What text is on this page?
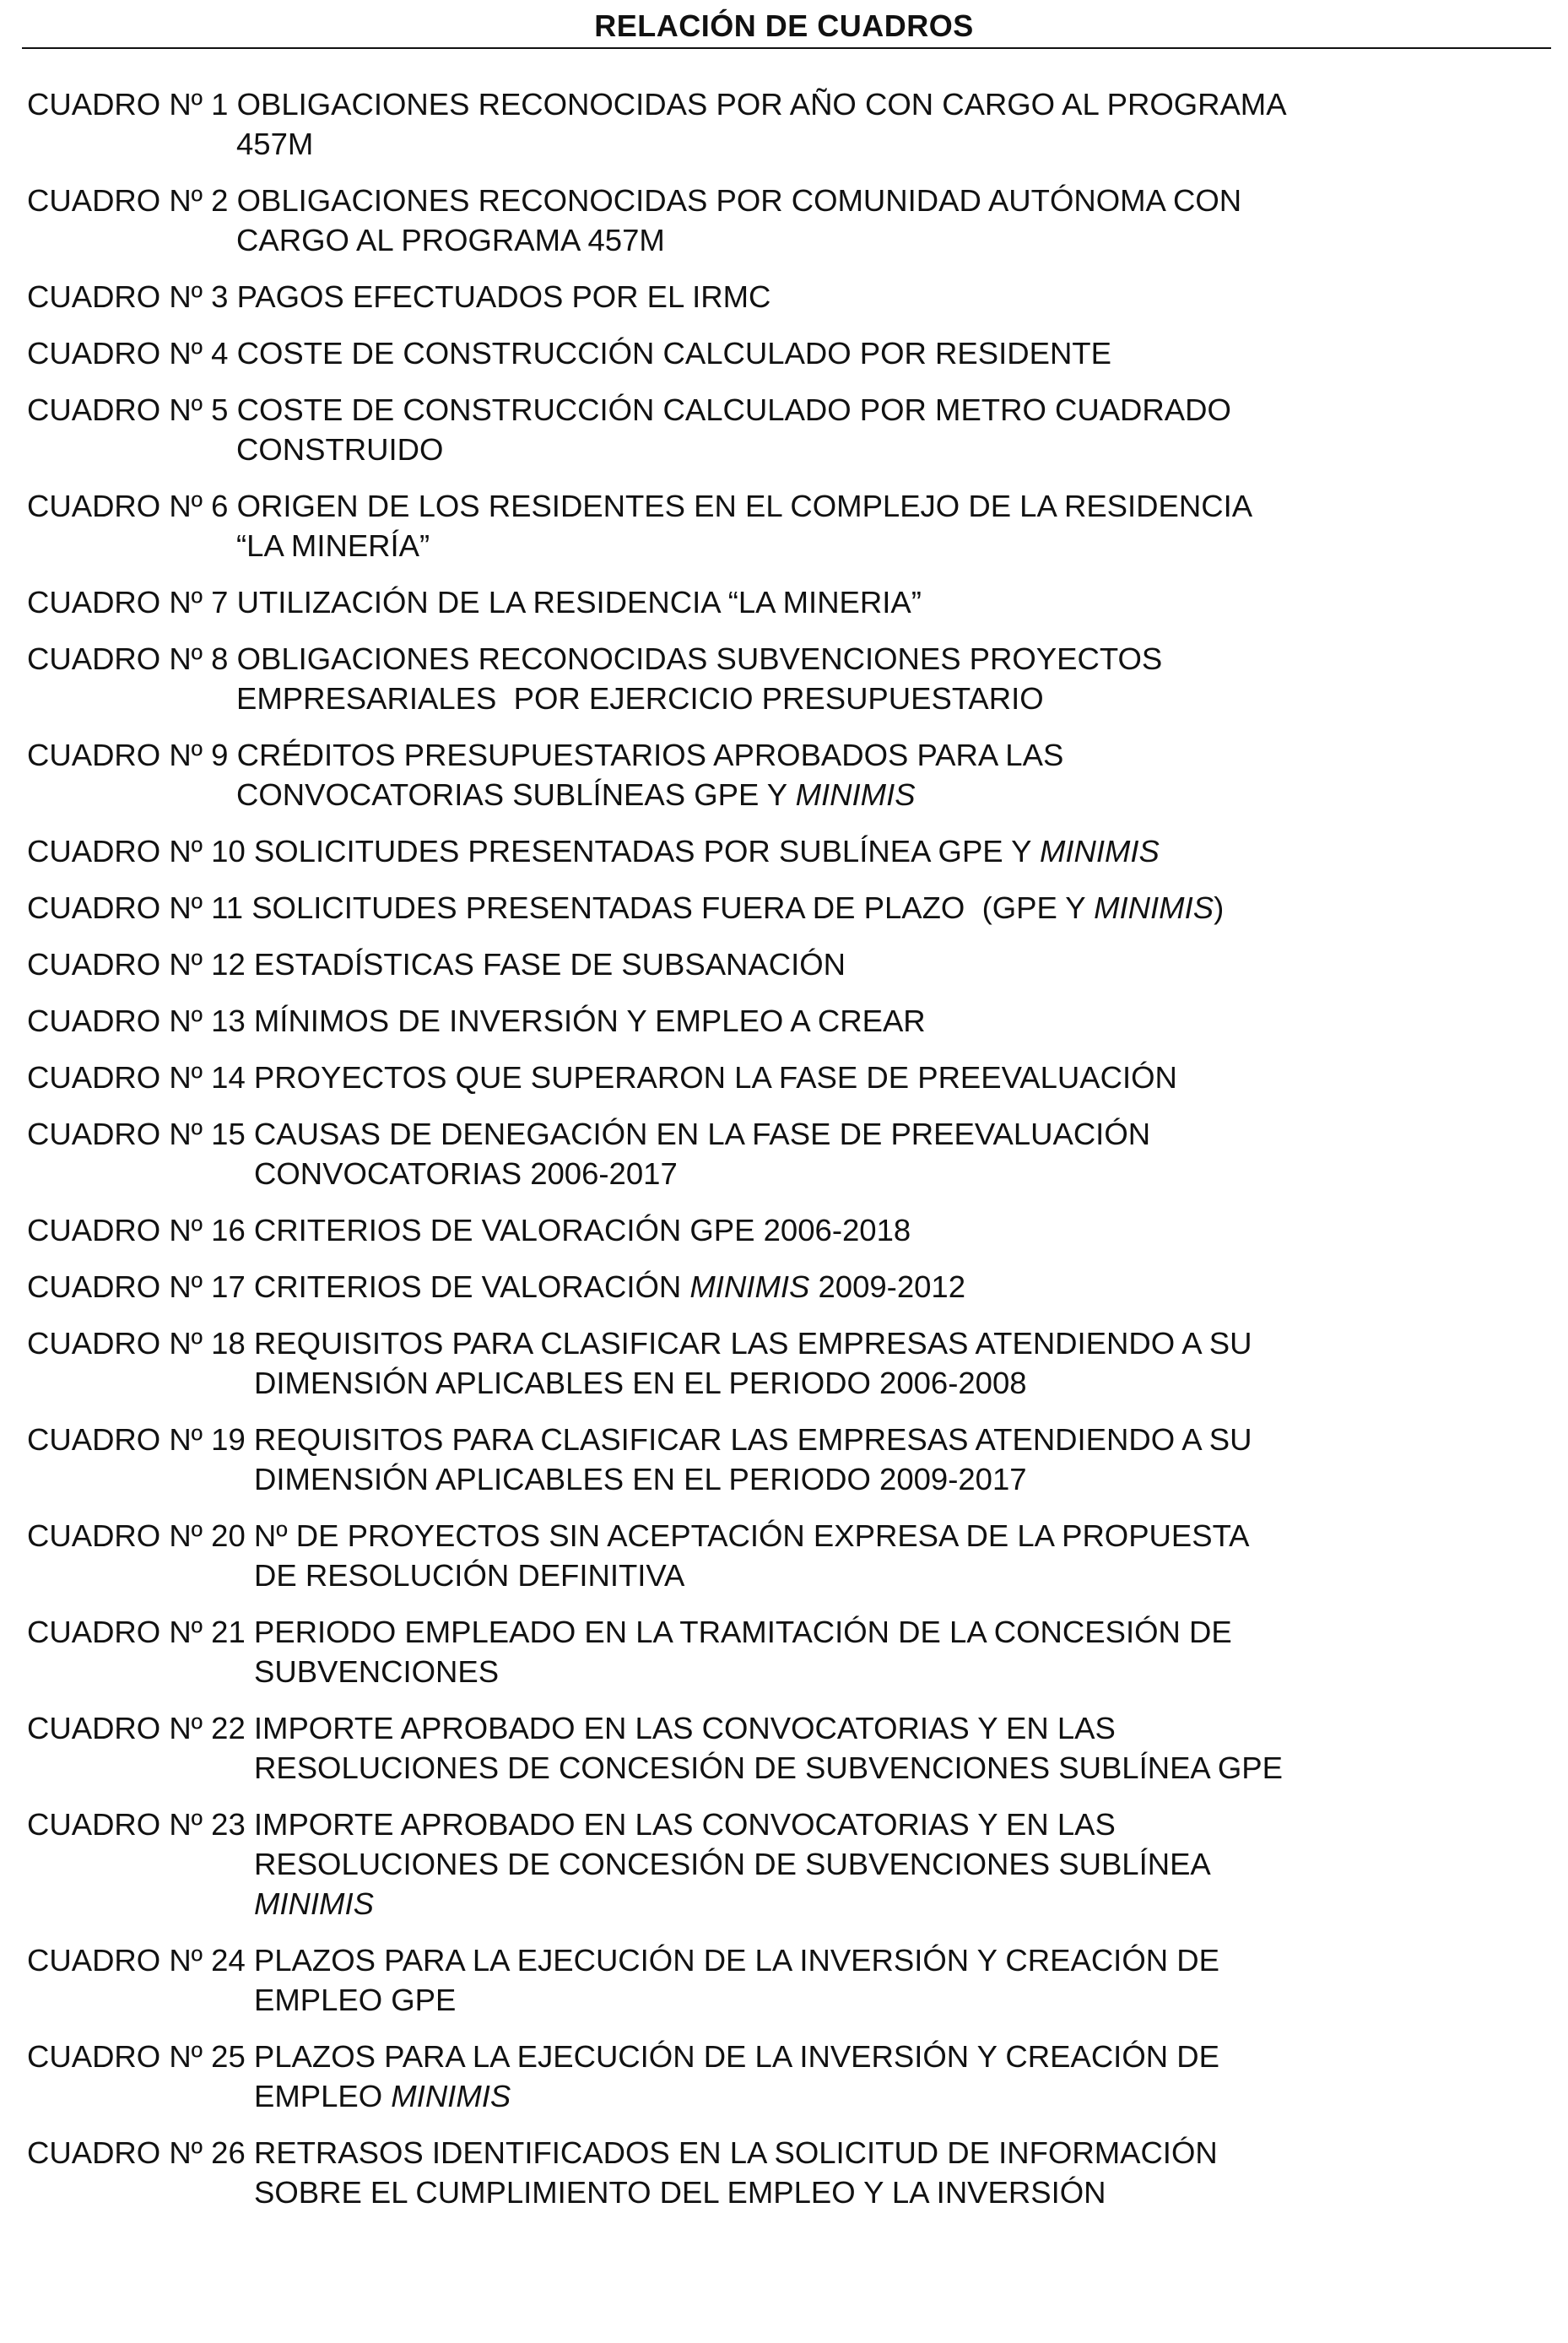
RELACIÓN DE CUADROS
CUADRO Nº 1 OBLIGACIONES RECONOCIDAS POR AÑO CON CARGO AL PROGRAMA
457M
CUADRO Nº 2 OBLIGACIONES RECONOCIDAS POR COMUNIDAD AUTÓNOMA CON
CARGO AL PROGRAMA 457M
CUADRO Nº 3 PAGOS EFECTUADOS POR EL IRMC
CUADRO Nº 4 COSTE DE CONSTRUCCIÓN CALCULADO POR RESIDENTE
CUADRO Nº 5 COSTE DE CONSTRUCCIÓN CALCULADO POR METRO CUADRADO
CONSTRUIDO
CUADRO Nº 6 ORIGEN DE LOS RESIDENTES EN EL COMPLEJO DE LA RESIDENCIA
“LA MINERÍA”
CUADRO Nº 7 UTILIZACIÓN DE LA RESIDENCIA “LA MINERIA”
CUADRO Nº 8 OBLIGACIONES RECONOCIDAS SUBVENCIONES PROYECTOS
EMPRESARIALES  POR EJERCICIO PRESUPUESTARIO
CUADRO Nº 9 CRÉDITOS PRESUPUESTARIOS APROBADOS PARA LAS
CONVOCATORIAS SUBLÍNEAS GPE Y MINIMIS
CUADRO Nº 10 SOLICITUDES PRESENTADAS POR SUBLÍNEA GPE Y MINIMIS
CUADRO Nº 11 SOLICITUDES PRESENTADAS FUERA DE PLAZO  (GPE Y MINIMIS)
CUADRO Nº 12 ESTADÍSTICAS FASE DE SUBSANACIÓN
CUADRO Nº 13 MÍNIMOS DE INVERSIÓN Y EMPLEO A CREAR
CUADRO Nº 14 PROYECTOS QUE SUPERARON LA FASE DE PREEVALUACIÓN
CUADRO Nº 15 CAUSAS DE DENEGACIÓN EN LA FASE DE PREEVALUACIÓN
CONVOCATORIAS 2006-2017
CUADRO Nº 16 CRITERIOS DE VALORACIÓN GPE 2006-2018
CUADRO Nº 17 CRITERIOS DE VALORACIÓN MINIMIS 2009-2012
CUADRO Nº 18 REQUISITOS PARA CLASIFICAR LAS EMPRESAS ATENDIENDO A SU
DIMENSIÓN APLICABLES EN EL PERIODO 2006-2008
CUADRO Nº 19 REQUISITOS PARA CLASIFICAR LAS EMPRESAS ATENDIENDO A SU
DIMENSIÓN APLICABLES EN EL PERIODO 2009-2017
CUADRO Nº 20 Nº DE PROYECTOS SIN ACEPTACIÓN EXPRESA DE LA PROPUESTA
DE RESOLUCIÓN DEFINITIVA
CUADRO Nº 21 PERIODO EMPLEADO EN LA TRAMITACIÓN DE LA CONCESIÓN DE
SUBVENCIONES
CUADRO Nº 22 IMPORTE APROBADO EN LAS CONVOCATORIAS Y EN LAS
RESOLUCIONES DE CONCESIÓN DE SUBVENCIONES SUBLÍNEA GPE
CUADRO Nº 23 IMPORTE APROBADO EN LAS CONVOCATORIAS Y EN LAS
RESOLUCIONES DE CONCESIÓN DE SUBVENCIONES SUBLÍNEA
MINIMIS
CUADRO Nº 24 PLAZOS PARA LA EJECUCIÓN DE LA INVERSIÓN Y CREACIÓN DE
EMPLEO GPE
CUADRO Nº 25 PLAZOS PARA LA EJECUCIÓN DE LA INVERSIÓN Y CREACIÓN DE
EMPLEO MINIMIS
CUADRO Nº 26 RETRASOS IDENTIFICADOS EN LA SOLICITUD DE INFORMACIÓN
SOBRE EL CUMPLIMIENTO DEL EMPLEO Y LA INVERSIÓN
